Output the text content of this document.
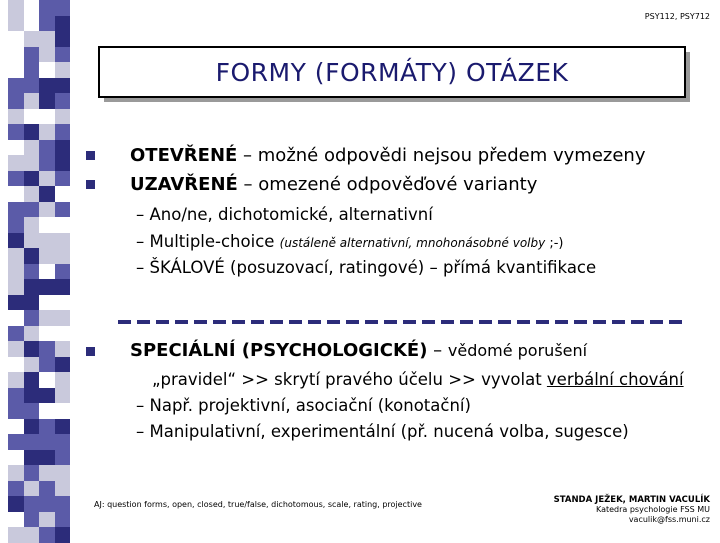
PSY112, PSY712
FORMY (FORMÁTY) OTÁZEK
OTEVŘENÉ – možné odpovědi nejsou předem vymezeny
UZAVŘENÉ – omezené odpověďové varianty
– Ano/ne, dichotomické, alternativní
– Multiple-choice (ustáleně alternativní, mnohonásobné volby ;-)
– ŠKÁLOVÉ (posuzovací, ratingové) – přímá kvantifikace
SPECIÁLNÍ (PSYCHOLOGICKÉ) – vědomé porušení
„pravidel“ >> skrytí pravého účelu >> vyvolat verbální chování
– Např. projektivní, asociační (konotační)
– Manipulativní, experimentální (př. nucená volba, sugesce)
AJ: question forms, open, closed, true/false, dichotomous, scale, rating, projective	STANDA JEŽEK, MARTIN VACULÍK
Katedra psychologie FSS MU
vaculik@fss.muni.cz
